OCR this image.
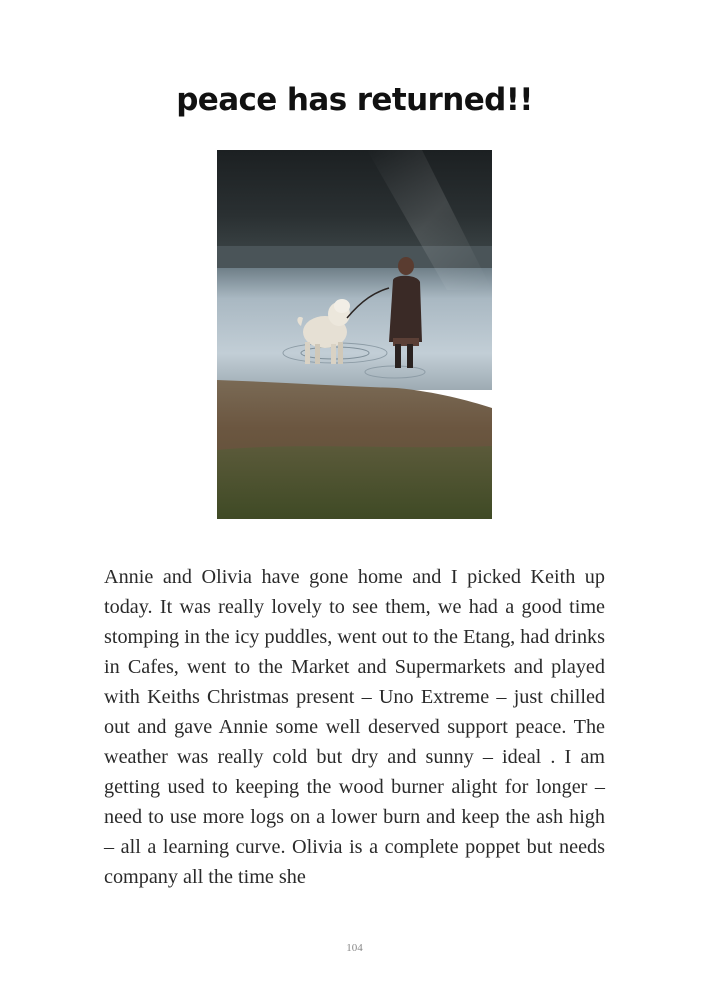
peace has returned!!

Annie and Olivia have gone home and I picked Keith up today. It was really lovely to see them, we had a good time stomping in the icy puddles, went out to the Etang, had drinks in Cafes, went to the Market and Supermarkets and played with Keiths Christmas present – Uno Extreme – just chilled out and gave Annie some well deserved support peace. The weather was really cold but dry and sunny – ideal . I am getting used to keeping the wood burner alight for longer – need to use more logs on a lower burn and keep the ash high – all a learning curve. Olivia is a complete poppet but needs company all the time she

104
